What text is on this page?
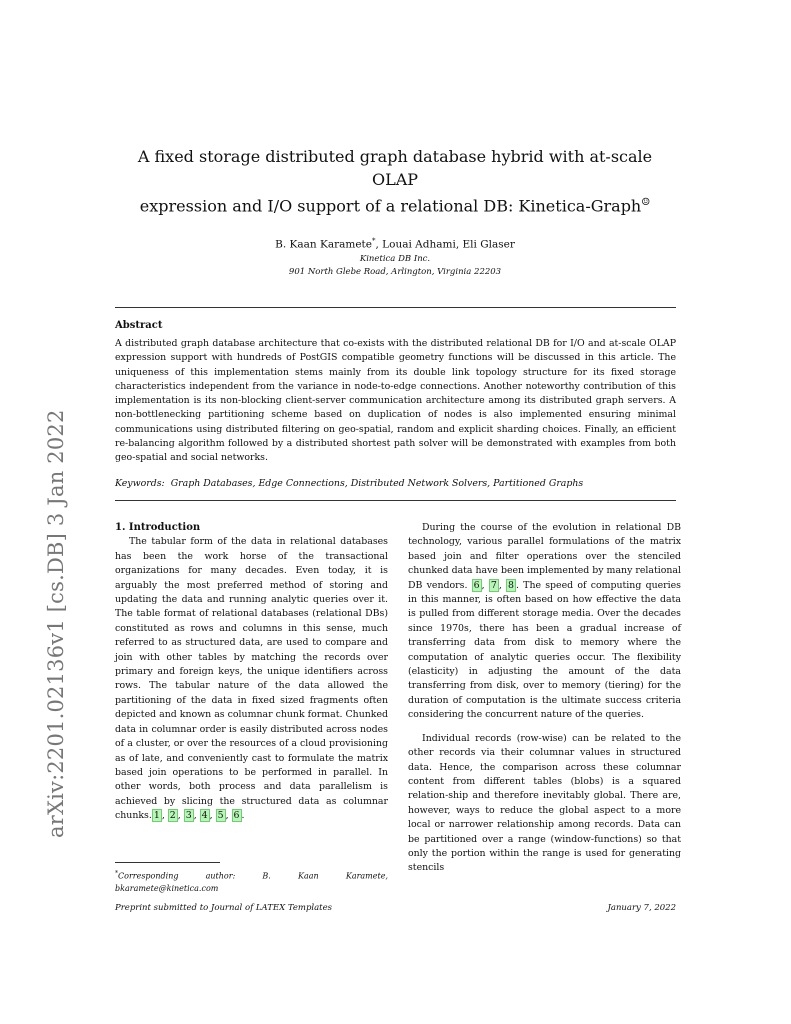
arXiv:2201.02136v1 [cs.DB] 3 Jan 2022
A fixed storage distributed graph database hybrid with at-scale OLAP
expression and I/O support of a relational DB: Kinetica-Graph☺
B. Kaan Karamete*, Louai Adhami, Eli Glaser
Kinetica DB Inc.
901 North Glebe Road, Arlington, Virginia 22203
Abstract
A distributed graph database architecture that co-exists with the distributed relational DB for I/O and at-scale OLAP expression support with hundreds of PostGIS compatible geometry functions will be discussed in this article. The uniqueness of this implementation stems mainly from its double link topology structure for its fixed storage characteristics independent from the variance in node-to-edge connections. Another noteworthy contribution of this implementation is its non-blocking client-server communication architecture among its distributed graph servers. A non-bottlenecking partitioning scheme based on duplication of nodes is also implemented ensuring minimal communications using distributed filtering on geo-spatial, random and explicit sharding choices. Finally, an efficient re-balancing algorithm followed by a distributed shortest path solver will be demonstrated with examples from both geo-spatial and social networks.
Keywords: Graph Databases, Edge Connections, Distributed Network Solvers, Partitioned Graphs

1. Introduction

The tabular form of the data in relational databases has been the work horse of the transactional organizations for many decades. Even today, it is arguably the most preferred method of storing and updating the data and running analytic queries over it. The table format of relational databases (relational DBs) constituted as rows and columns in this sense, much referred to as structured data, are used to compare and join with other tables by matching the records over primary and foreign keys, the unique identifiers across rows. The tabular nature of the data allowed the partitioning of the data in fixed sized fragments often depicted and known as columnar chunk format. Chunked data in columnar order is easily distributed across nodes of a cluster, or over the resources of a cloud provisioning as of late, and conveniently cast to formulate the matrix based join operations to be performed in parallel. In other words, both process and data parallelism is achieved by slicing the structured data as columnar chunks. 1 , 2 , 3 , 4 , 5 , 6 .

During the course of the evolution in relational DB technology, various parallel formulations of the matrix based join and filter operations over the stenciled chunked data have been implemented by many relational DB vendors. 6 , 7 , 8 . The speed of computing queries in this manner, is often based on how effective the data is pulled from different storage media. Over the decades since 1970s, there has been a gradual increase of transferring data from disk to memory where the computation of analytic queries occur. The flexibility (elasticity) in adjusting the amount of the data transferring from disk, over to memory (tiering) for the duration of computation is the ultimate success criteria considering the concurrent nature of the queries.

Individual records (row-wise) can be related to the other records via their columnar values in structured data. Hence, the comparison across these columnar content from different tables (blobs) is a squared relation-ship and therefore inevitably global. There are, however, ways to reduce the global aspect to a more local or narrower relationship among records. Data can be partitioned over a range (window-functions) so that only the portion within the range is used for generating stencils

*Corresponding author: B. Kaan Karamete, bkaramete@kinetica.com
Preprint submitted to Journal of LATEX Templates	January 7, 2022
